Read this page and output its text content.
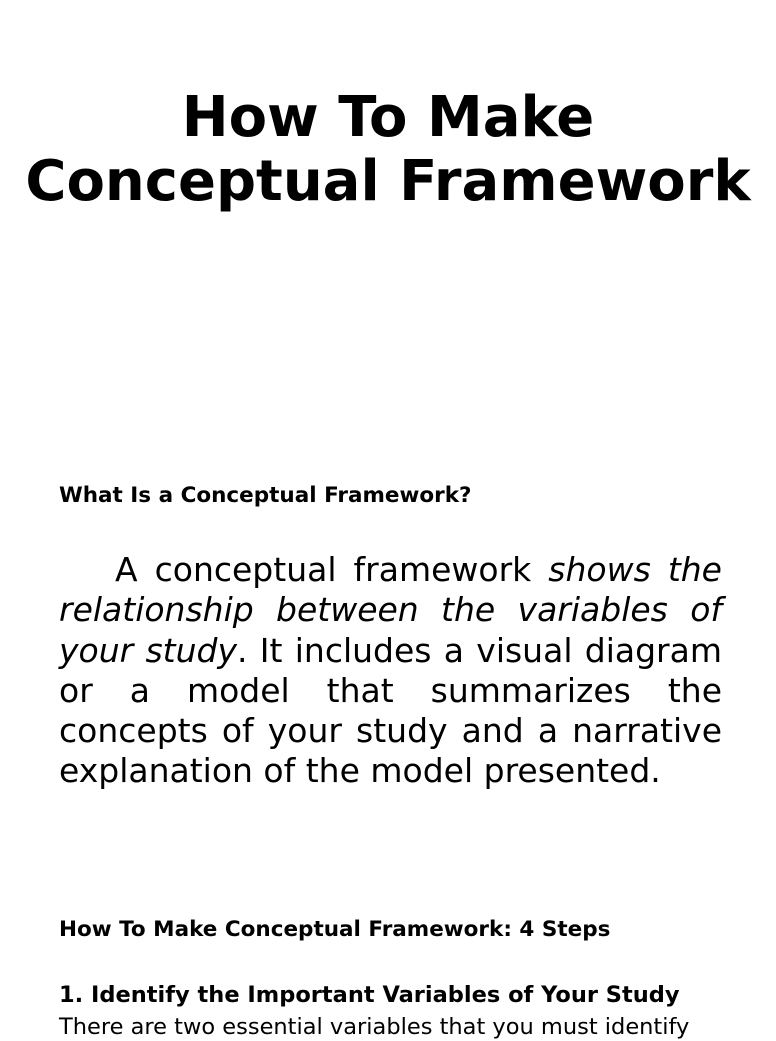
How To Make Conceptual Framework
What Is a Conceptual Framework?

A conceptual framework shows the relationship between the variables of your study. It includes a visual diagram or a model that summarizes the concepts of your study and a narrative explanation of the model presented.

How To Make Conceptual Framework: 4 Steps
1. Identify the Important Variables of Your Study

There are two essential variables that you must identify
